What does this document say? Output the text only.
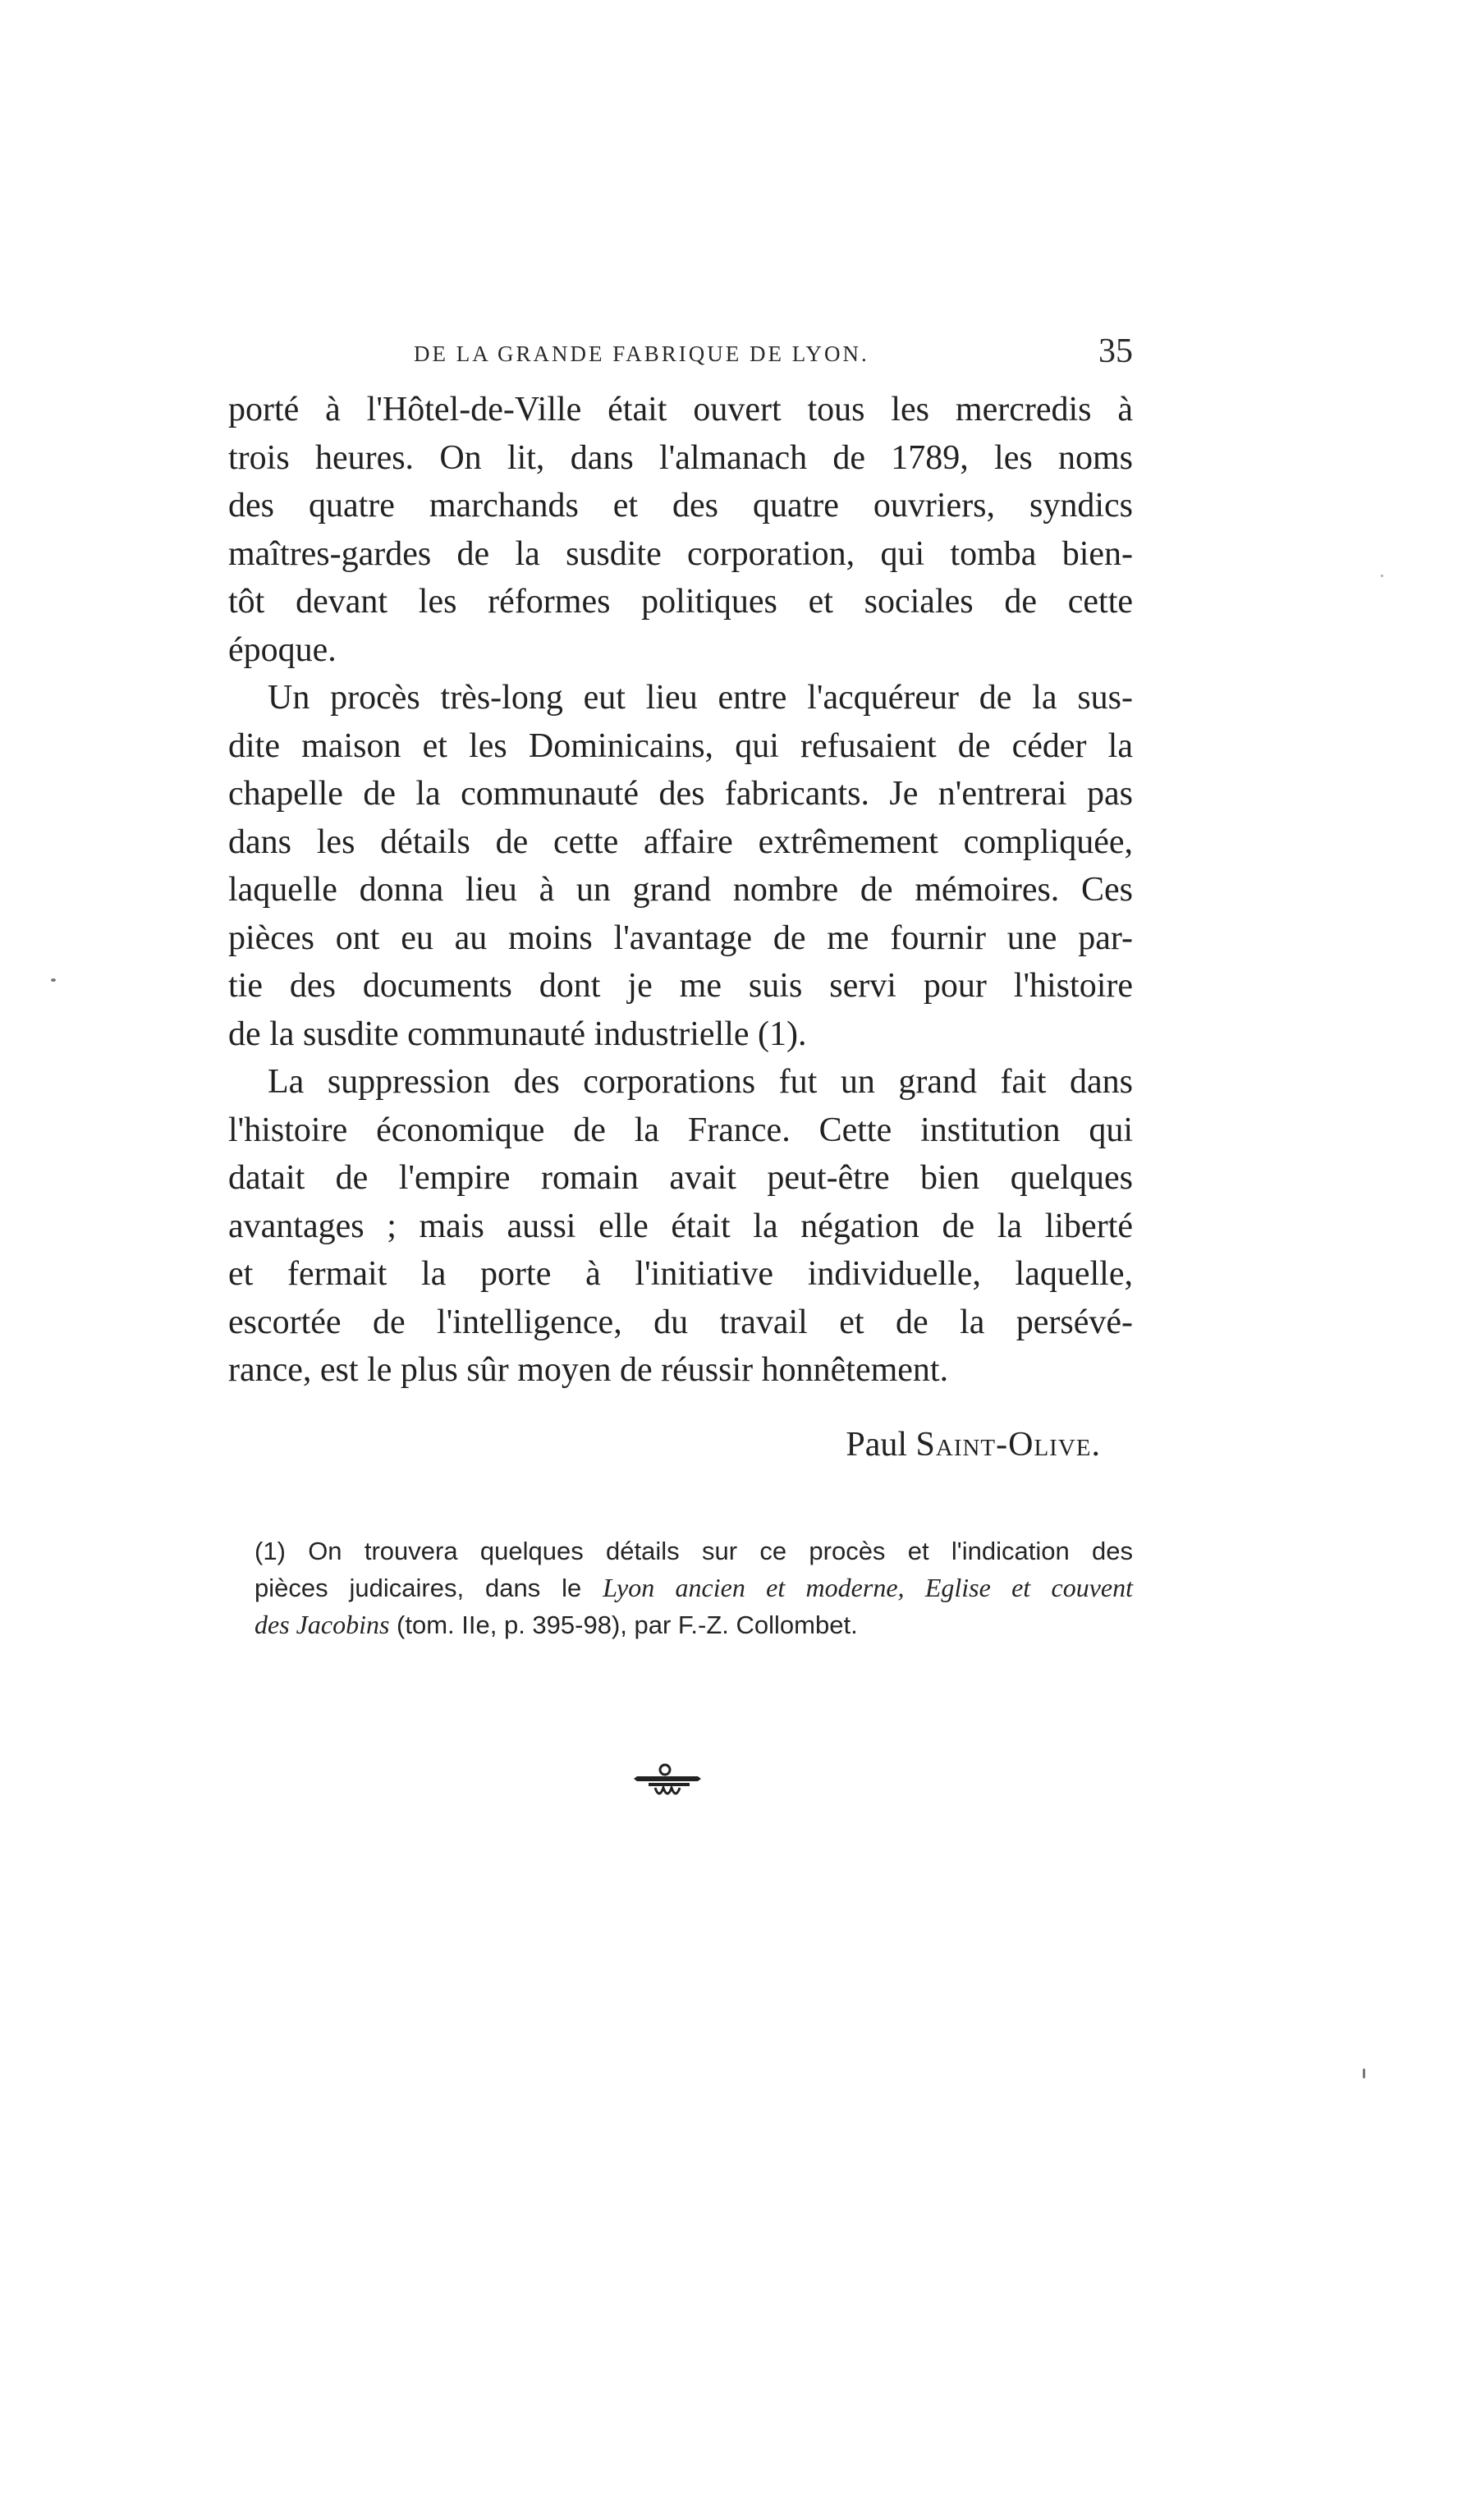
DE LA GRANDE FABRIQUE DE LYON.	35
porté à l'Hôtel-de-Ville était ouvert tous les mercredis à
trois heures. On lit, dans l'almanach de 1789, les noms
des quatre marchands et des quatre ouvriers, syndics
maîtres-gardes de la susdite corporation, qui tomba bien-
tôt devant les réformes politiques et sociales de cette
époque.
Un procès très-long eut lieu entre l'acquéreur de la sus-
dite maison et les Dominicains, qui refusaient de céder la
chapelle de la communauté des fabricants. Je n'entrerai pas
dans les détails de cette affaire extrêmement compliquée,
laquelle donna lieu à un grand nombre de mémoires. Ces
pièces ont eu au moins l'avantage de me fournir une par-
tie des documents dont je me suis servi pour l'histoire
de la susdite communauté industrielle (1).
La suppression des corporations fut un grand fait dans
l'histoire économique de la France. Cette institution qui
datait de l'empire romain avait peut-être bien quelques
avantages ; mais aussi elle était la négation de la liberté
et fermait la porte à l'initiative individuelle, laquelle,
escortée de l'intelligence, du travail et de la persévé-
rance, est le plus sûr moyen de réussir honnêtement.
Paul Saint-Olive.
(1) On trouvera quelques détails sur ce procès et l'indication des
pièces judicaires, dans le Lyon ancien et moderne, Eglise et couvent
des Jacobins (tom. IIe, p. 395-98), par F.-Z. Collombet.
